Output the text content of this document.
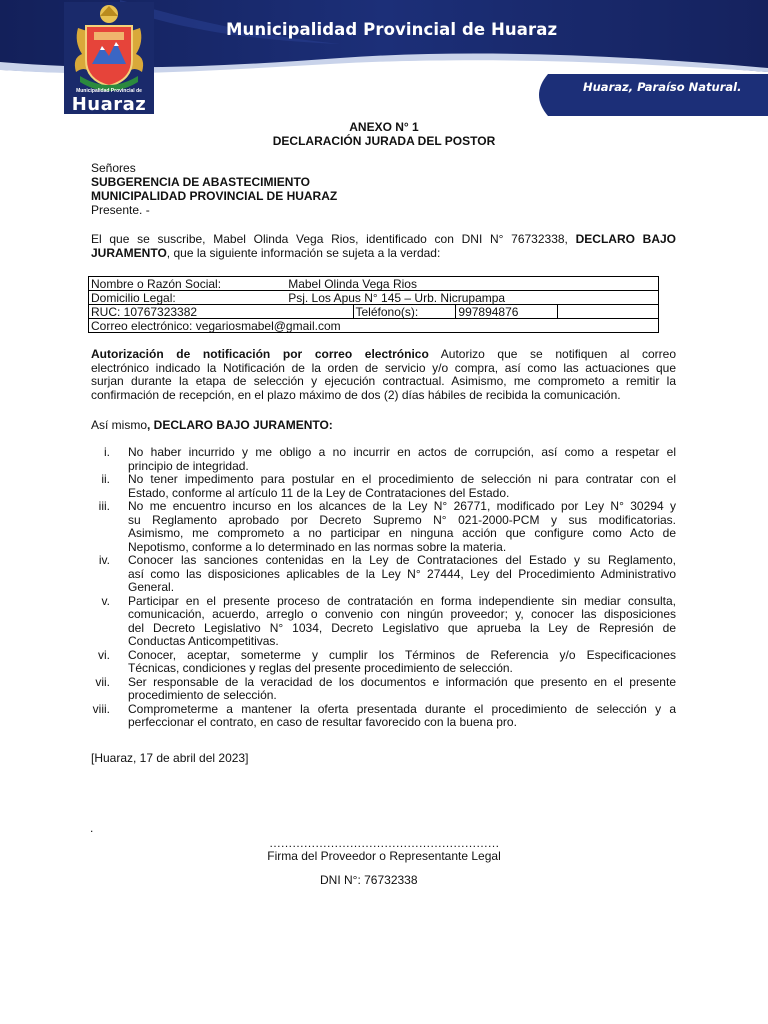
Municipalidad Provincial de Huaraz
Huaraz, Paraíso Natural.
Municipalidad Provincial de
Huaraz
ANEXO N° 1
DECLARACIÓN JURADA DEL POSTOR
Señores
SUBGERENCIA DE ABASTECIMIENTO
MUNICIPALIDAD PROVINCIAL DE HUARAZ
Presente. -
El que se suscribe, Mabel Olinda Vega Rios, identificado con DNI N° 76732338, DECLARO BAJO
JURAMENTO, que la siguiente información se sujeta a la verdad:
Nombre o Razón Social:	Mabel Olinda Vega Rios			
Domicilio Legal:	Psj. Los Apus N° 145 – Urb. Nicrupampa			
RUC: 10767323382		Teléfono(s):	997894876	
Correo electrónico: vegariosmabel@gmail.com				
Autorización de notificación por correo electrónico Autorizo que se notifiquen al correo
electrónico indicado la Notificación de la orden de servicio y/o compra, así como las actuaciones que
surjan durante la etapa de selección y ejecución contractual. Asimismo, me comprometo a remitir la
confirmación de recepción, en el plazo máximo de dos (2) días hábiles de recibida la comunicación.
Así mismo, DECLARO BAJO JURAMENTO:
i. No haber incurrido y me obligo a no incurrir en actos de corrupción, así como a respetar el
principio de integridad.
ii. No tener impedimento para postular en el procedimiento de selección ni para contratar con el
Estado, conforme al artículo 11 de la Ley de Contrataciones del Estado.
iii. No me encuentro incurso en los alcances de la Ley N° 26771, modificado por Ley N° 30294 y
su Reglamento aprobado por Decreto Supremo N° 021-2000-PCM y sus modificatorias.
Asimismo, me comprometo a no participar en ninguna acción que configure como Acto de
Nepotismo, conforme a lo determinado en las normas sobre la materia.
iv. Conocer las sanciones contenidas en la Ley de Contrataciones del Estado y su Reglamento,
así como las disposiciones aplicables de la Ley N° 27444, Ley del Procedimiento Administrativo
General.
v. Participar en el presente proceso de contratación en forma independiente sin mediar consulta,
comunicación, acuerdo, arreglo o convenio con ningún proveedor; y, conocer las disposiciones
del Decreto Legislativo N° 1034, Decreto Legislativo que aprueba la Ley de Represión de
Conductas Anticompetitivas.
vi. Conocer, aceptar, someterme y cumplir los Términos de Referencia y/o Especificaciones
Técnicas, condiciones y reglas del presente procedimiento de selección.
vii. Ser responsable de la veracidad de los documentos e información que presento en el presente
procedimiento de selección.
viii. Comprometerme a mantener la oferta presentada durante el procedimiento de selección y a
perfeccionar el contrato, en caso de resultar favorecido con la buena pro.
[Huaraz, 17 de abril del 2023]
.
……………………………………………………
Firma del Proveedor o Representante Legal
DNI N°: 76732338
